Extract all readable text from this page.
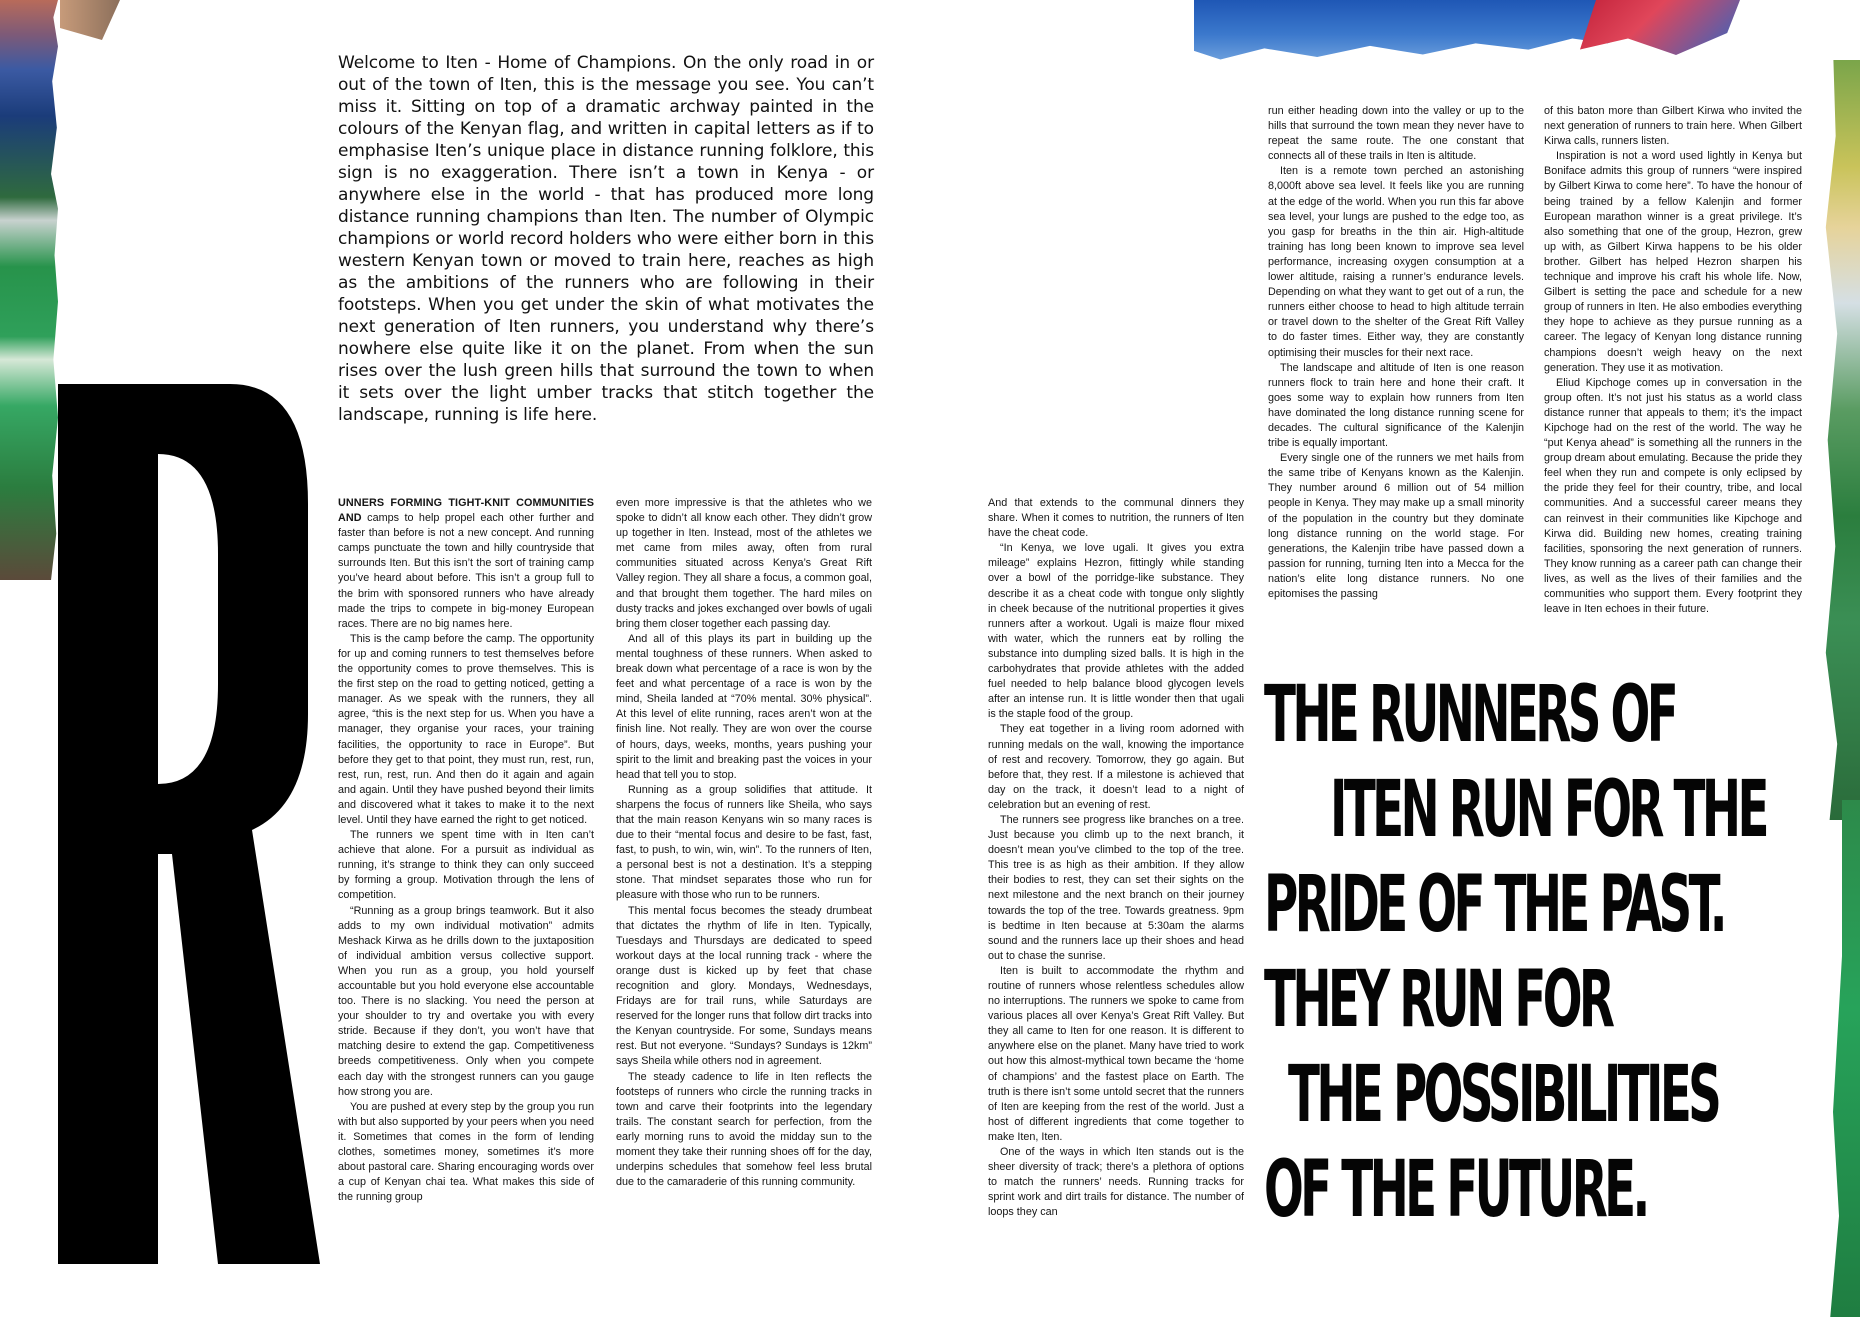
Welcome to Iten - Home of Champions. On the only road in or out of the town of Iten, this is the message you see. You can’t miss it. Sitting on top of a dramatic archway painted in the colours of the Kenyan flag, and written in capital letters as if to emphasise Iten’s unique place in distance running folklore, this sign is no exaggeration. There isn’t a town in Kenya - or anywhere else in the world - that has produced more long distance running champions than Iten. The number of Olympic champions or world record holders who were either born in this western Kenyan town or moved to train here, reaches as high as the ambitions of the runners who are following in their footsteps. When you get under the skin of what motivates the next generation of Iten runners, you understand why there’s nowhere else quite like it on the planet. From when the sun rises over the lush green hills that surround the town to when it sets over the light umber tracks that stitch together the landscape, running is life here.

UNNERS FORMING TIGHT-KNIT COMMUNITIES AND camps to help propel each other further and faster than before is not a new concept. And running camps punctuate the town and hilly countryside that surrounds Iten. But this isn’t the sort of training camp you’ve heard about before. This isn’t a group full to the brim with sponsored runners who have already made the trips to compete in big-money European races. There are no big names here.

This is the camp before the camp. The opportunity for up and coming runners to test themselves before the opportunity comes to prove themselves. This is the first step on the road to getting noticed, getting a manager. As we speak with the runners, they all agree, “this is the next step for us. When you have a manager, they organise your races, your training facilities, the opportunity to race in Europe”. But before they get to that point, they must run, rest, run, rest, run, rest, run. And then do it again and again and again. Until they have pushed beyond their limits and discovered what it takes to make it to the next level. Until they have earned the right to get noticed.

The runners we spent time with in Iten can’t achieve that alone. For a pursuit as individual as running, it’s strange to think they can only succeed by forming a group. Motivation through the lens of competition.

“Running as a group brings teamwork. But it also adds to my own individual motivation” admits Meshack Kirwa as he drills down to the juxtaposition of individual ambition versus collective support. When you run as a group, you hold yourself accountable but you hold everyone else accountable too. There is no slacking. You need the person at your shoulder to try and overtake you with every stride. Because if they don’t, you won’t have that matching desire to extend the gap. Competitiveness breeds competitiveness. Only when you compete each day with the strongest runners can you gauge how strong you are.

You are pushed at every step by the group you run with but also supported by your peers when you need it. Sometimes that comes in the form of lending clothes, sometimes money, sometimes it’s more about pastoral care. Sharing encouraging words over a cup of Kenyan chai tea. What makes this side of the running group

even more impressive is that the athletes who we spoke to didn’t all know each other. They didn’t grow up together in Iten. Instead, most of the athletes we met came from miles away, often from rural communities situated across Kenya’s Great Rift Valley region. They all share a focus, a common goal, and that brought them together. The hard miles on dusty tracks and jokes exchanged over bowls of ugali bring them closer together each passing day.

And all of this plays its part in building up the mental toughness of these runners. When asked to break down what percentage of a race is won by the feet and what percentage of a race is won by the mind, Sheila landed at “70% mental. 30% physical”. At this level of elite running, races aren’t won at the finish line. Not really. They are won over the course of hours, days, weeks, months, years pushing your spirit to the limit and breaking past the voices in your head that tell you to stop.

Running as a group solidifies that attitude. It sharpens the focus of runners like Sheila, who says that the main reason Kenyans win so many races is due to their “mental focus and desire to be fast, fast, fast, to push, to win, win, win”. To the runners of Iten, a personal best is not a destination. It’s a stepping stone. That mindset separates those who run for pleasure with those who run to be runners.

This mental focus becomes the steady drumbeat that dictates the rhythm of life in Iten. Typically, Tuesdays and Thursdays are dedicated to speed workout days at the local running track - where the orange dust is kicked up by feet that chase recognition and glory. Mondays, Wednesdays, Fridays are for trail runs, while Saturdays are reserved for the longer runs that follow dirt tracks into the Kenyan countryside. For some, Sundays means rest. But not everyone. “Sundays? Sundays is 12km” says Sheila while others nod in agreement.

The steady cadence to life in Iten reflects the footsteps of runners who circle the running tracks in town and carve their footprints into the legendary trails. The constant search for perfection, from the early morning runs to avoid the midday sun to the moment they take their running shoes off for the day, underpins schedules that somehow feel less brutal due to the camaraderie of this running community.

And that extends to the communal dinners they share. When it comes to nutrition, the runners of Iten have the cheat code.

“In Kenya, we love ugali. It gives you extra mileage” explains Hezron, fittingly while standing over a bowl of the porridge-like substance. They describe it as a cheat code with tongue only slightly in cheek because of the nutritional properties it gives runners after a workout. Ugali is maize flour mixed with water, which the runners eat by rolling the substance into dumpling sized balls. It is high in the carbohydrates that provide athletes with the added fuel needed to help balance blood glycogen levels after an intense run. It is little wonder then that ugali is the staple food of the group.

They eat together in a living room adorned with running medals on the wall, knowing the importance of rest and recovery. Tomorrow, they go again. But before that, they rest. If a milestone is achieved that day on the track, it doesn’t lead to a night of celebration but an evening of rest.

The runners see progress like branches on a tree. Just because you climb up to the next branch, it doesn’t mean you’ve climbed to the top of the tree. This tree is as high as their ambition. If they allow their bodies to rest, they can set their sights on the next milestone and the next branch on their journey towards the top of the tree. Towards greatness. 9pm is bedtime in Iten because at 5:30am the alarms sound and the runners lace up their shoes and head out to chase the sunrise.

Iten is built to accommodate the rhythm and routine of runners whose relentless schedules allow no interruptions. The runners we spoke to came from various places all over Kenya’s Great Rift Valley. But they all came to Iten for one reason. It is different to anywhere else on the planet. Many have tried to work out how this almost-mythical town became the ‘home of champions’ and the fastest place on Earth. The truth is there isn’t some untold secret that the runners of Iten are keeping from the rest of the world. Just a host of different ingredients that come together to make Iten, Iten.

One of the ways in which Iten stands out is the sheer diversity of track; there’s a plethora of options to match the runners’ needs. Running tracks for sprint work and dirt trails for distance. The number of loops they can

run either heading down into the valley or up to the hills that surround the town mean they never have to repeat the same route. The one constant that connects all of these trails in Iten is altitude.

Iten is a remote town perched an astonishing 8,000ft above sea level. It feels like you are running at the edge of the world. When you run this far above sea level, your lungs are pushed to the edge too, as you gasp for breaths in the thin air. High-altitude training has long been known to improve sea level performance, increasing oxygen consumption at a lower altitude, raising a runner’s endurance levels. Depending on what they want to get out of a run, the runners either choose to head to high altitude terrain or travel down to the shelter of the Great Rift Valley to do faster times. Either way, they are constantly optimising their muscles for their next race.

The landscape and altitude of Iten is one reason runners flock to train here and hone their craft. It goes some way to explain how runners from Iten have dominated the long distance running scene for decades. The cultural significance of the Kalenjin tribe is equally important.

Every single one of the runners we met hails from the same tribe of Kenyans known as the Kalenjin. They number around 6 million out of 54 million people in Kenya. They may make up a small minority of the population in the country but they dominate long distance running on the world stage. For generations, the Kalenjin tribe have passed down a passion for running, turning Iten into a Mecca for the nation’s elite long distance runners. No one epitomises the passing

of this baton more than Gilbert Kirwa who invited the next generation of runners to train here. When Gilbert Kirwa calls, runners listen.

Inspiration is not a word used lightly in Kenya but Boniface admits this group of runners “were inspired by Gilbert Kirwa to come here”. To have the honour of being trained by a fellow Kalenjin and former European marathon winner is a great privilege. It’s also something that one of the group, Hezron, grew up with, as Gilbert Kirwa happens to be his older brother. Gilbert has helped Hezron sharpen his technique and improve his craft his whole life. Now, Gilbert is setting the pace and schedule for a new group of runners in Iten. He also embodies everything they hope to achieve as they pursue running as a career. The legacy of Kenyan long distance running champions doesn’t weigh heavy on the next generation. They use it as motivation.

Eliud Kipchoge comes up in conversation in the group often. It’s not just his status as a world class distance runner that appeals to them; it’s the impact Kipchoge had on the rest of the world. The way he “put Kenya ahead” is something all the runners in the group dream about emulating. Because the pride they feel when they run and compete is only eclipsed by the pride they feel for their country, tribe, and local communities. And a successful career means they can reinvest in their communities like Kipchoge and Kirwa did. Building new homes, creating training facilities, sponsoring the next generation of runners. They know running as a career path can change their lives, as well as the lives of their families and the communities who support them. Every footprint they leave in Iten echoes in their future.

THE RUNNERS OF
ITEN RUN FOR THE
PRIDE OF THE PAST.
THEY RUN FOR
THE POSSIBILITIES
OF THE FUTURE.
